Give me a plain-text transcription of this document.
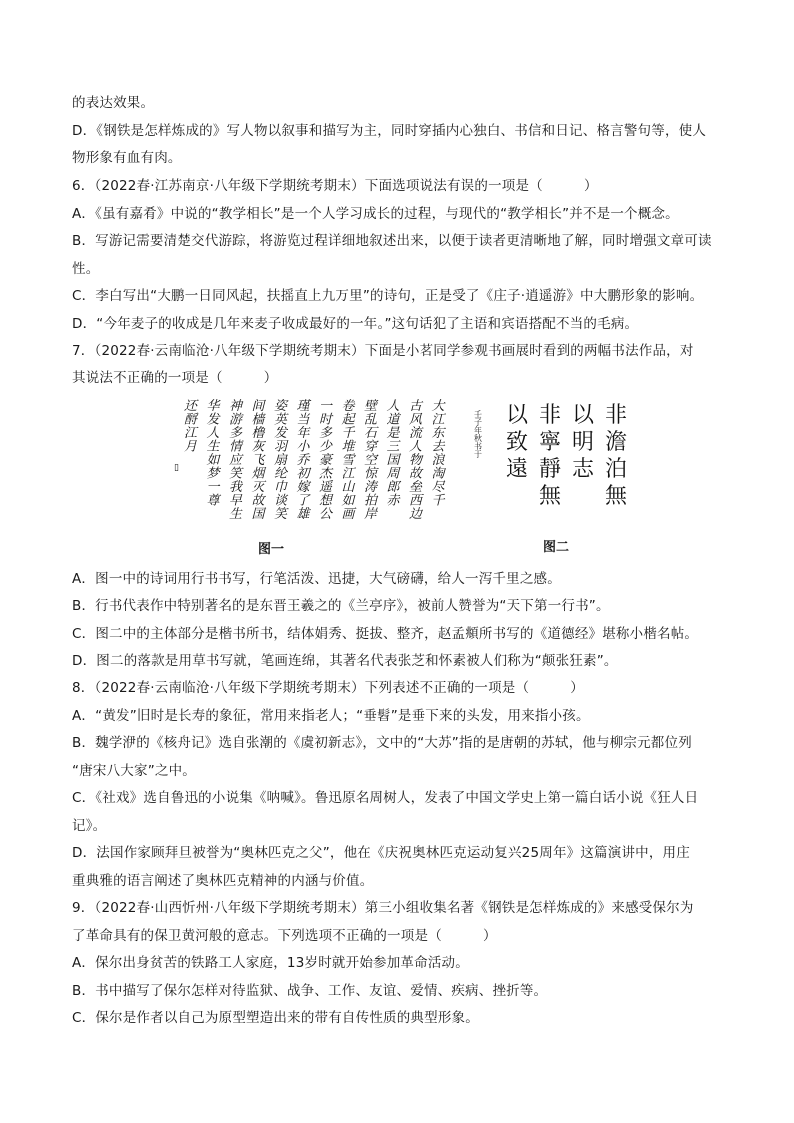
的表达效果。
D．《钢铁是怎样炼成的》写人物以叙事和描写为主，同时穿插内心独白、书信和日记、格言警句等，使人
物形象有血有肉。
6．（2022春·江苏南京·八年级下学期统考期末）下面选项说法有误的一项是（　　　）
A．《虽有嘉肴》中说的“教学相长”是一个人学习成长的过程，与现代的“教学相长”并不是一个概念。
B．写游记需要清楚交代游踪，将游览过程详细地叙述出来，以便于读者更清晰地了解，同时增强文章可读
性。
C．李白写出“大鹏一日同风起，扶摇直上九万里”的诗句，正是受了《庄子·逍遥游》中大鹏形象的影响。
D．“今年麦子的收成是几年来麦子收成最好的一年。”这句话犯了主语和宾语搭配不当的毛病。
7．（2022春·云南临沧·八年级下学期统考期末）下面是小茗同学参观书画展时看到的两幅书法作品，对
其说法不正确的一项是（　　　）
大
江
东
去
浪
淘
尽
千
古
风
流
人
物
故
垒
西
边
人
道
是
三
国
周
郎
赤
壁
乱
石
穿
空
惊
涛
拍
岸
卷
起
千
堆
雪
江
山
如
画
一
时
多
少
豪
杰
遥
想
公
瑾
当
年
小
乔
初
嫁
了
雄
姿
英
发
羽
扇
纶
巾
谈
笑
间
樯
橹
灰
飞
烟
灭
故
国
神
游
多
情
应
笑
我
早
生
华
发
人
生
如
梦
一
尊
还
酹
江
月
▯
图一
非
澹
泊
無
以
明
志
非
寧
靜
無
以
致
遠
壬子年秋书于
图二
A．图一中的诗词用行书书写，行笔活泼、迅捷，大气磅礴，给人一泻千里之感。
B．行书代表作中特别著名的是东晋王羲之的《兰亭序》，被前人赞誉为“天下第一行书”。
C．图二中的主体部分是楷书所书，结体娟秀、挺拔、整齐，赵孟頫所书写的《道德经》堪称小楷名帖。
D．图二的落款是用草书写就，笔画连绵，其著名代表张芝和怀素被人们称为“颠张狂素”。
8．（2022春·云南临沧·八年级下学期统考期末）下列表述不正确的一项是（　　　）
A．“黄发”旧时是长寿的象征，常用来指老人；“垂髫”是垂下来的头发，用来指小孩。
B．魏学洢的《核舟记》选自张潮的《虞初新志》，文中的“大苏”指的是唐朝的苏轼，他与柳宗元都位列
“唐宋八大家”之中。
C．《社戏》选自鲁迅的小说集《呐喊》。鲁迅原名周树人，发表了中国文学史上第一篇白话小说《狂人日
记》。
D．法国作家顾拜旦被誉为“奥林匹克之父”，他在《庆祝奥林匹克运动复兴25周年》这篇演讲中，用庄
重典雅的语言阐述了奥林匹克精神的内涵与价值。
9．（2022春·山西忻州·八年级下学期统考期末）第三小组收集名著《钢铁是怎样炼成的》来感受保尔为
了革命具有的保卫黄河般的意志。下列选项不正确的一项是（　　　）
A．保尔出身贫苦的铁路工人家庭，13岁时就开始参加革命活动。
B．书中描写了保尔怎样对待监狱、战争、工作、友谊、爱情、疾病、挫折等。
C．保尔是作者以自己为原型塑造出来的带有自传性质的典型形象。
